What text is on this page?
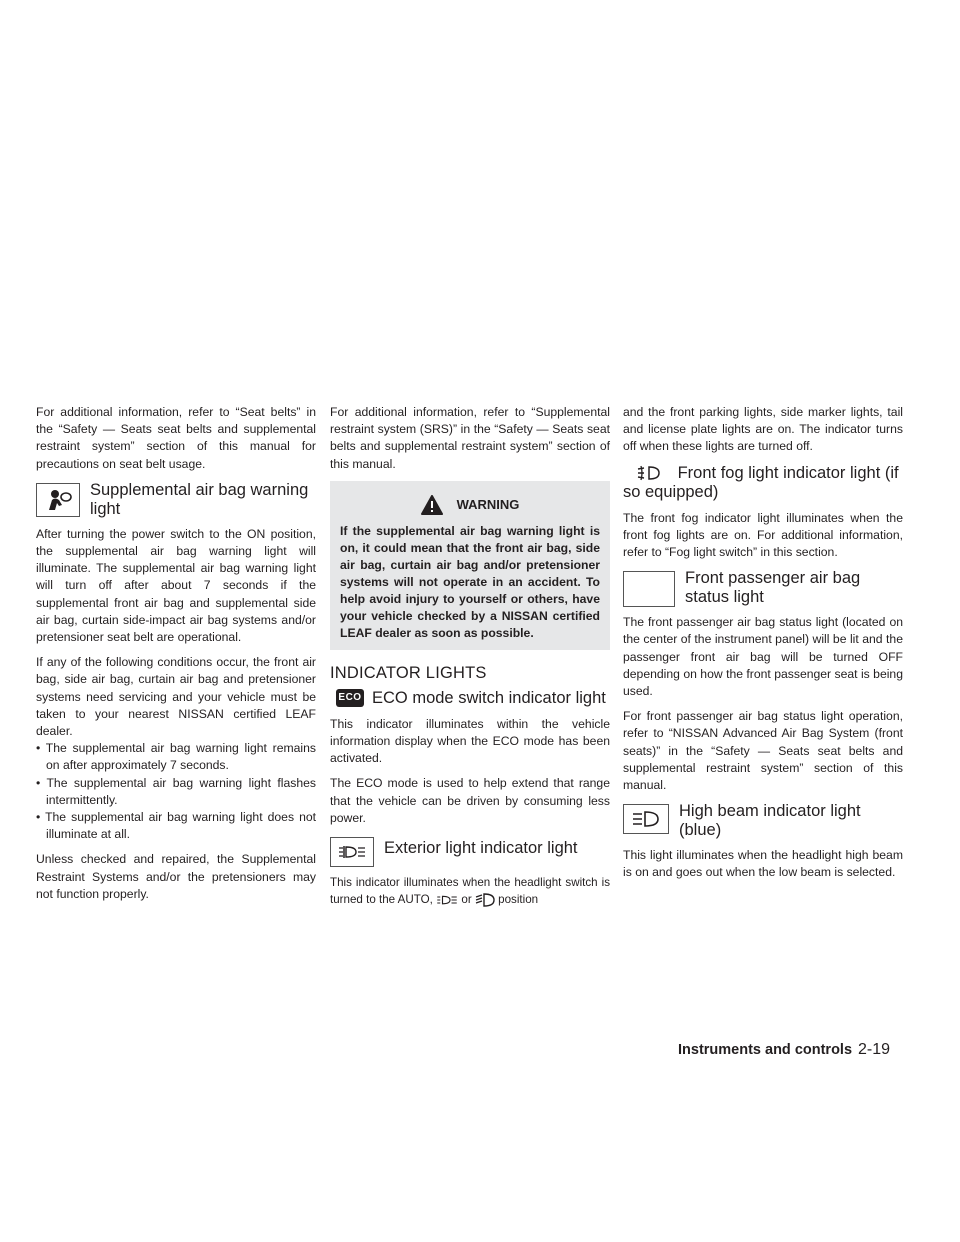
For additional information, refer to “Seat belts” in the “Safety — Seats seat belts and supplemental restraint system” section of this manual for precautions on seat belt usage.

Supplemental air bag warning light

After turning the power switch to the ON position, the supplemental air bag warning light will illuminate. The supplemental air bag warning light will turn off after about 7 seconds if the supplemental front air bag and supplemental side air bag, curtain side-impact air bag systems and/or pretensioner seat belt are operational.

If any of the following conditions occur, the front air bag, side air bag, curtain air bag and pretensioner systems need servicing and your vehicle must be taken to your nearest NISSAN certified LEAF dealer.

• The supplemental air bag warning light remains on after approximately 7 seconds.
• The supplemental air bag warning light flashes intermittently.
• The supplemental air bag warning light does not illuminate at all.

Unless checked and repaired, the Supplemental Restraint Systems and/or the pretensioners may not function properly.

For additional information, refer to “Supplemental restraint system (SRS)” in the “Safety — Seats seat belts and supplemental restraint system” section of this manual.

WARNING

If the supplemental air bag warning light is on, it could mean that the front air bag, side air bag, curtain air bag and/or pretensioner systems will not operate in an accident. To help avoid injury to yourself or others, have your vehicle checked by a NISSAN certified LEAF dealer as soon as possible.

INDICATOR LIGHTS
ECO ECO mode switch indicator light

This indicator illuminates within the vehicle information display when the ECO mode has been activated.

The ECO mode is used to help extend that range that the vehicle can be driven by consuming less power.

Exterior light indicator light

This indicator illuminates when the headlight switch is turned to the AUTO, or position

and the front parking lights, side marker lights, tail and license plate lights are on. The indicator turns off when these lights are turned off.

Front fog light indicator light (if so equipped)

The front fog indicator light illuminates when the front fog lights are on. For additional information, refer to “Fog light switch” in this section.

Front passenger air bag status light

The front passenger air bag status light (located on the center of the instrument panel) will be lit and the passenger front air bag will be turned OFF depending on how the front passenger seat is being used.

For front passenger air bag status light operation, refer to “NISSAN Advanced Air Bag System (front seats)” in the “Safety — Seats seat belts and supplemental restraint system” section of this manual.

High beam indicator light (blue)

This light illuminates when the headlight high beam is on and goes out when the low beam is selected.

Instruments and controls 2-19
